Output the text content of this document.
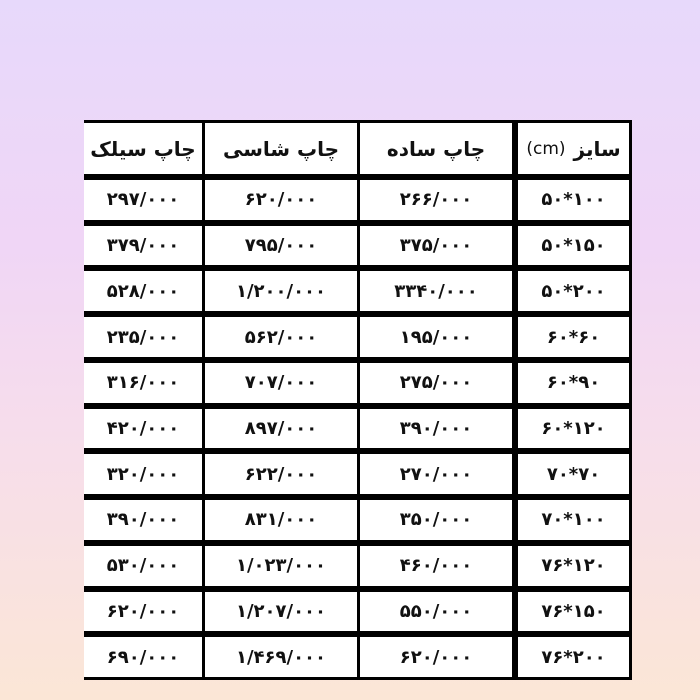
سایز
(cm)
چاپ ساده
چاپ شاسی
چاپ سیلک
۵۰*۱۰۰
۲۶۶/۰۰۰
۶۲۰/۰۰۰
۲۹۷/۰۰۰
۵۰*۱۵۰
۳۷۵/۰۰۰
۷۹۵/۰۰۰
۳۷۹/۰۰۰
۵۰*۲۰۰
۳۳۴۰/۰۰۰
۱/۲۰۰/۰۰۰
۵۲۸/۰۰۰
۶۰*۶۰
۱۹۵/۰۰۰
۵۶۲/۰۰۰
۲۳۵/۰۰۰
۶۰*۹۰
۲۷۵/۰۰۰
۷۰۷/۰۰۰
۳۱۶/۰۰۰
۶۰*۱۲۰
۳۹۰/۰۰۰
۸۹۷/۰۰۰
۴۲۰/۰۰۰
۷۰*۷۰
۲۷۰/۰۰۰
۶۲۲/۰۰۰
۳۲۰/۰۰۰
۷۰*۱۰۰
۳۵۰/۰۰۰
۸۳۱/۰۰۰
۳۹۰/۰۰۰
۷۶*۱۲۰
۴۶۰/۰۰۰
۱/۰۲۳/۰۰۰
۵۳۰/۰۰۰
۷۶*۱۵۰
۵۵۰/۰۰۰
۱/۲۰۷/۰۰۰
۶۲۰/۰۰۰
۷۶*۲۰۰
۶۲۰/۰۰۰
۱/۴۶۹/۰۰۰
۶۹۰/۰۰۰
